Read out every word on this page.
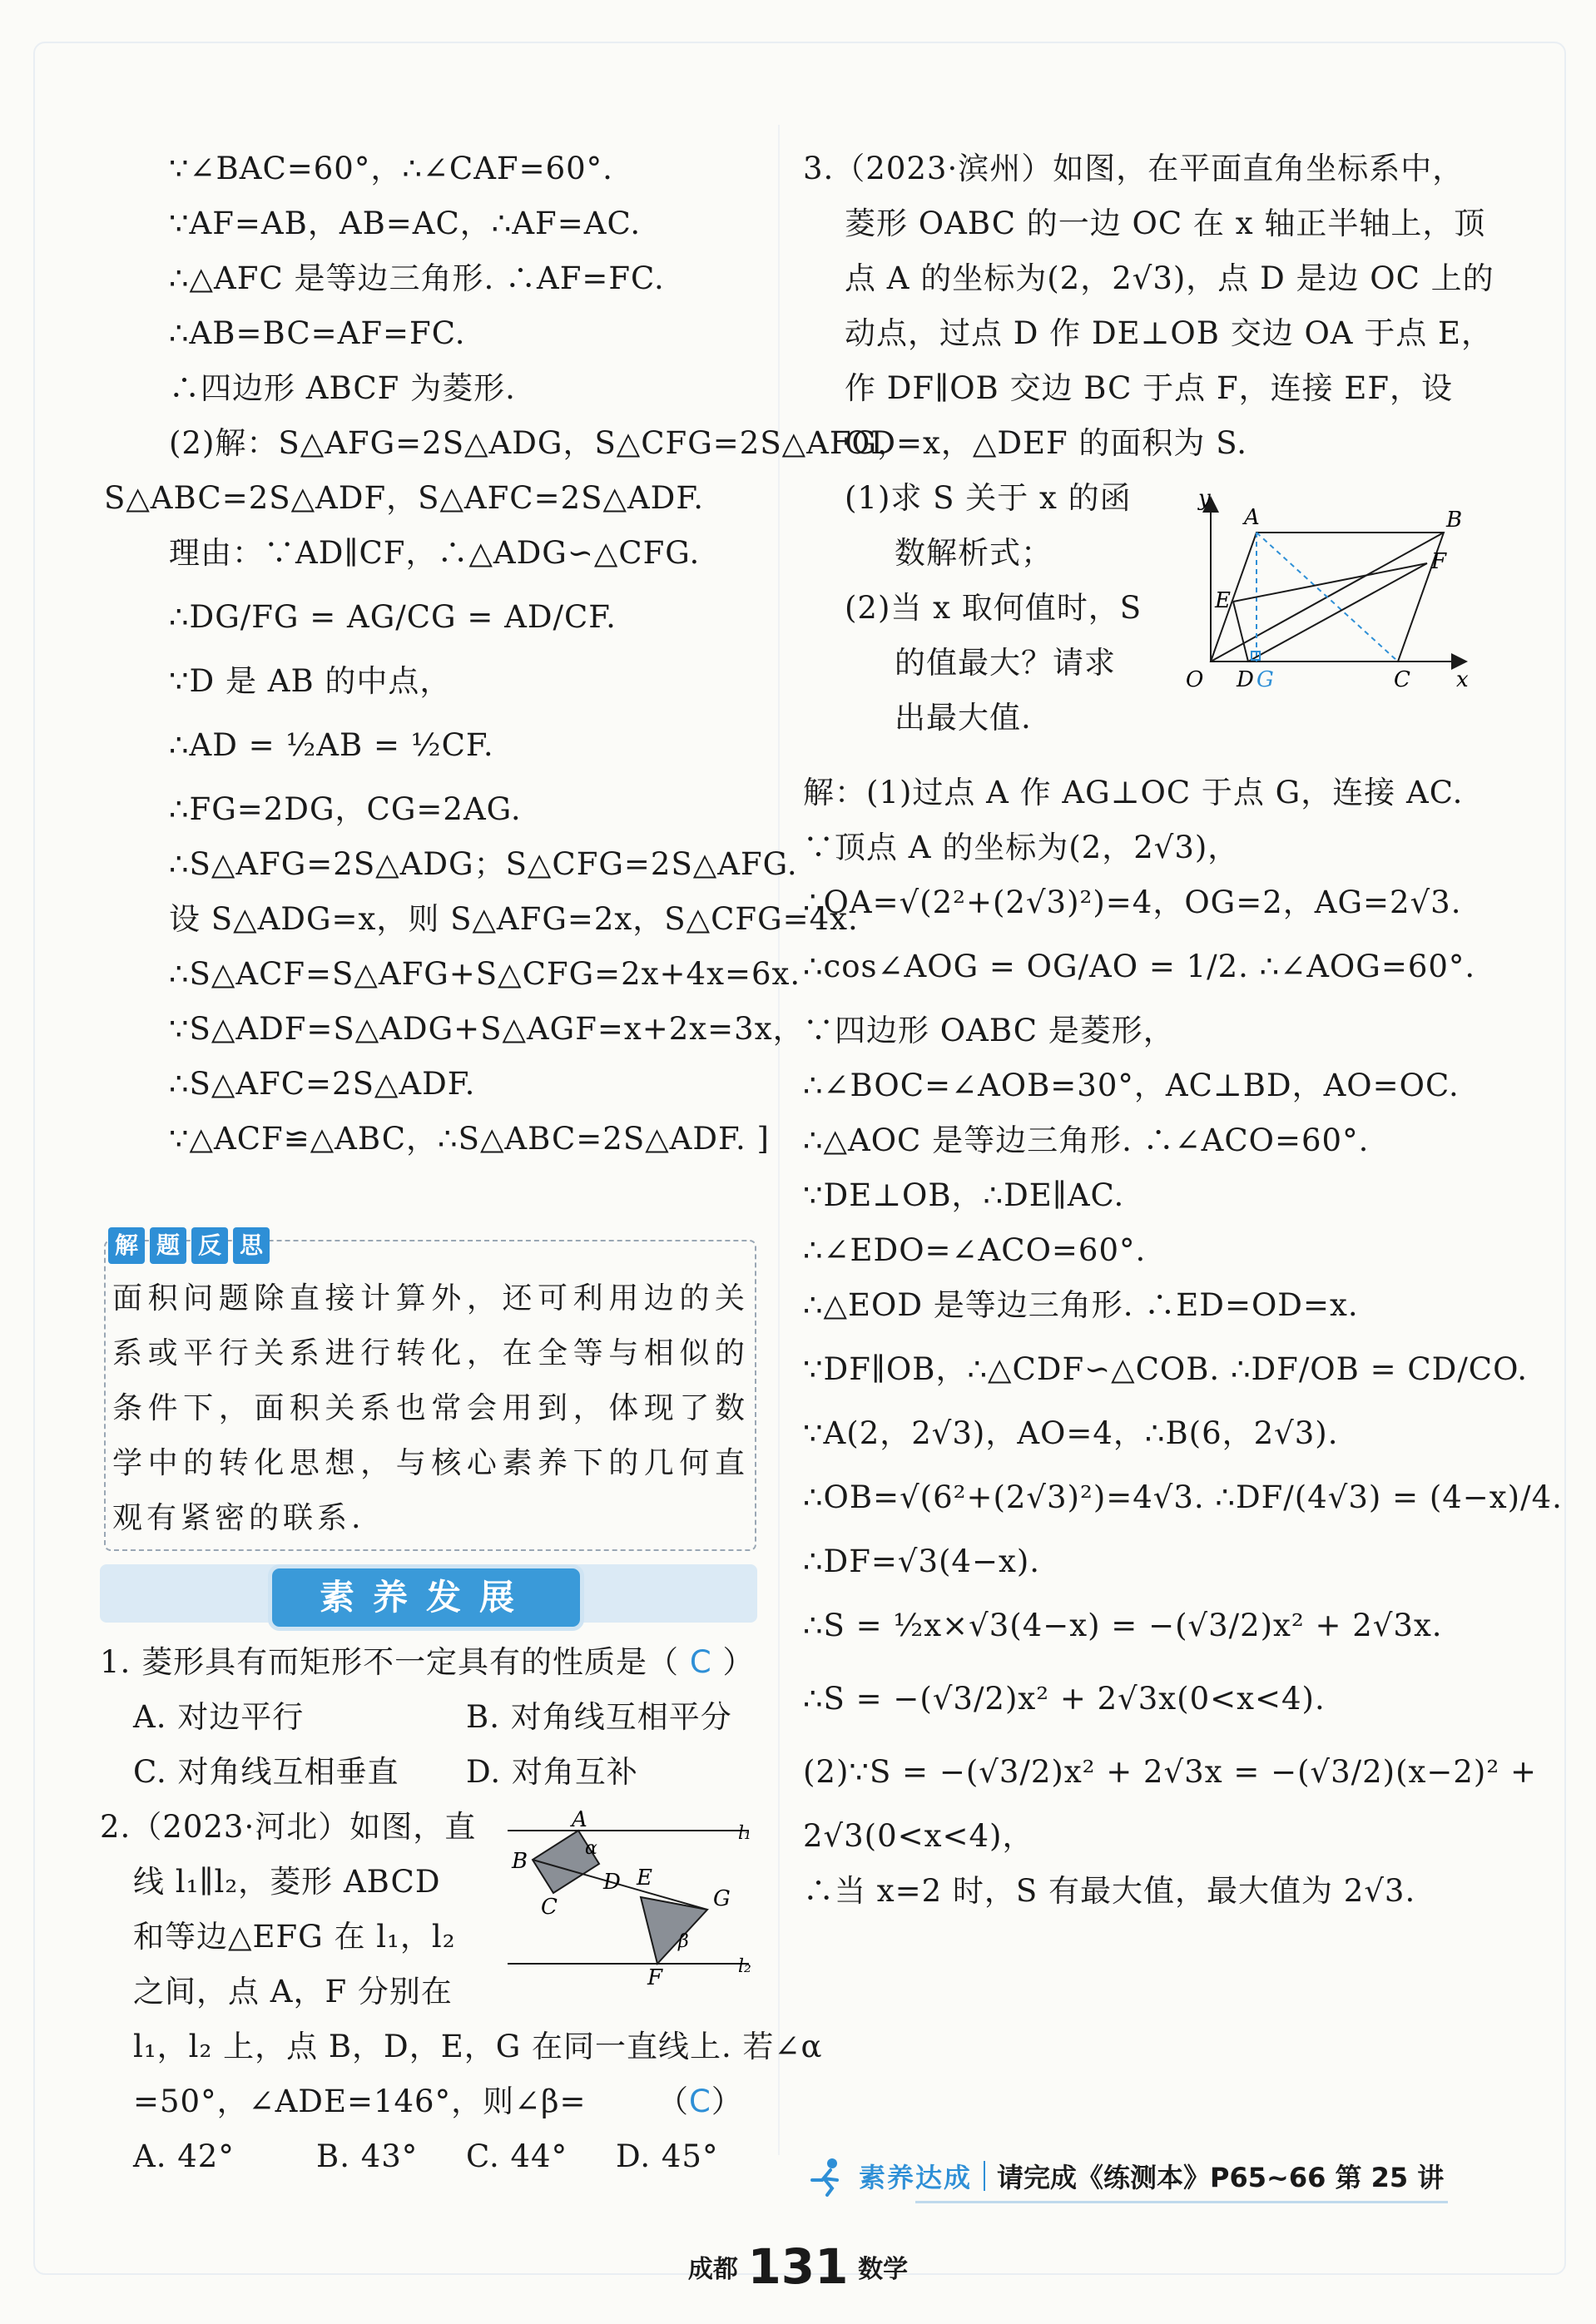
∵∠BAC=60°，∴∠CAF=60°.
∵AF=AB，AB=AC，∴AF=AC.
∴△AFC 是等边三角形. ∴AF=FC.
∴AB=BC=AF=FC.
∴四边形 ABCF 为菱形.
(2)解：S△AFG=2S△ADG，S△CFG=2S△AFG，
S△ABC=2S△ADF，S△AFC=2S△ADF.
理由：∵AD∥CF，∴△ADG∽△CFG.
∴DG/FG = AG/CG = AD/CF.
∵D 是 AB 的中点，
∴AD = ½AB = ½CF.
∴FG=2DG，CG=2AG.
∴S△AFG=2S△ADG；S△CFG=2S△AFG.
设 S△ADG=x，则 S△AFG=2x，S△CFG=4x.
∴S△ACF=S△AFG+S△CFG=2x+4x=6x.
∵S△ADF=S△ADG+S△AGF=x+2x=3x，
∴S△AFC=2S△ADF.
∵△ACF≌△ABC，∴S△ABC=2S△ADF. ]
解 题 反 思
面积问题除直接计算外，还可利用边的关系或平行关系进行转化，在全等与相似的条件下，面积关系也常会用到，体现了数学中的转化思想，与核心素养下的几何直观有紧密的联系.
素养发展
1. 菱形具有而矩形不一定具有的性质是（ C ）
A. 对边平行	B. 对角线互相平分
C. 对角线互相垂直 D. 对角互补
2.（2023·河北）如图，直
线 l₁∥l₂，菱形 ABCD
和等边△EFG 在 l₁，l₂
之间，点 A，F 分别在
l₁，l₂ 上，点 B，D，E，G 在同一直线上. 若∠α
=50°，∠ADE=146°，则∠β= （C）
A. 42°	B. 43° C. 44° D. 45°
A
B
C
D E
F
G
α
β
l₁
l₂
3.（2023·滨州）如图，在平面直角坐标系中，
菱形 OABC 的一边 OC 在 x 轴正半轴上，顶
点 A 的坐标为(2，2√3)，点 D 是边 OC 上的
动点，过点 D 作 DE⊥OB 交边 OA 于点 E，
作 DF∥OB 交边 BC 于点 F，连接 EF，设
OD=x，△DEF 的面积为 S.
(1)求 S 关于 x 的函
数解析式；
(2)当 x 取何值时，S
的值最大？请求
出最大值.
y
x
O
A	B
C
D
E
F
G
解：(1)过点 A 作 AG⊥OC 于点 G，连接 AC.
∵顶点 A 的坐标为(2，2√3)，
∴OA=√(2²+(2√3)²)=4，OG=2，AG=2√3.
∴cos∠AOG = OG/AO = 1/2. ∴∠AOG=60°.
∵四边形 OABC 是菱形，
∴∠BOC=∠AOB=30°，AC⊥BD，AO=OC.
∴△AOC 是等边三角形. ∴∠ACO=60°.
∵DE⊥OB，∴DE∥AC.
∴∠EDO=∠ACO=60°.
∴△EOD 是等边三角形. ∴ED=OD=x.
∵DF∥OB，∴△CDF∽△COB. ∴DF/OB = CD/CO.
∵A(2，2√3)，AO=4，∴B(6，2√3).
∴OB=√(6²+(2√3)²)=4√3. ∴DF/(4√3) = (4−x)/4.
∴DF=√3(4−x).
∴S = ½x×√3(4−x) = −(√3/2)x² + 2√3x.
∴S = −(√3/2)x² + 2√3x(0<x<4).
(2)∵S = −(√3/2)x² + 2√3x = −(√3/2)(x−2)² +
2√3(0<x<4)，
∴当 x=2 时，S 有最大值，最大值为 2√3.
素养达成 请完成《练测本》P65~66 第 25 讲
成都 131 数学
